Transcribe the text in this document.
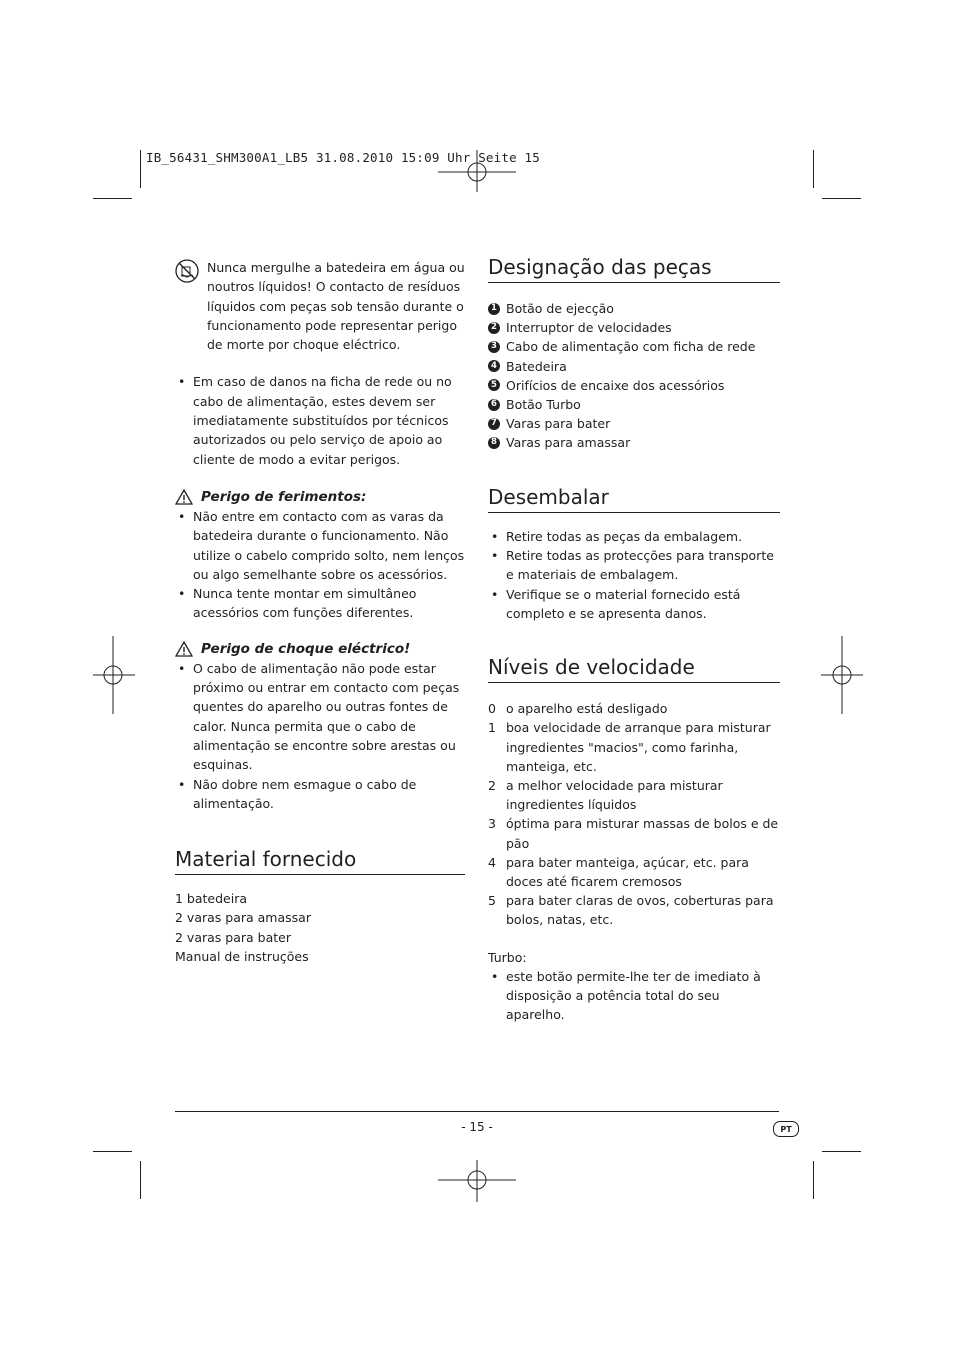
IB_56431_SHM300A1_LB5 31.08.2010 15:09 Uhr Seite 15

Nunca mergulhe a batedeira em água ou noutros líquidos! O contacto de resíduos líquidos com peças sob tensão durante o funcionamento pode representar perigo de morte por choque eléctrico.

• Em caso de danos na ficha de rede ou no cabo de alimentação, estes devem ser imediatamente substituídos por técnicos autorizados ou pelo serviço de apoio ao cliente de modo a evitar perigos.
Perigo de ferimentos:
• Não entre em contacto com as varas da batedeira durante o funcionamento. Não utilize o cabelo comprido solto, nem lenços ou algo semelhante sobre os acessórios.
• Nunca tente montar em simultâneo acessórios com funções diferentes.
Perigo de choque eléctrico!
• O cabo de alimentação não pode estar próximo ou entrar em contacto com peças quentes do aparelho ou outras fontes de calor. Nunca permita que o cabo de alimentação se encontre sobre arestas ou esquinas.
• Não dobre nem esmague o cabo de alimentação.
Material fornecido

1 batedeira

2 varas para amassar

2 varas para bater

Manual de instruções

Designação das peças
1 Botão de ejecção
2 Interruptor de velocidades
3 Cabo de alimentação com ficha de rede
4 Batedeira
5 Orifícios de encaixe dos acessórios
6 Botão Turbo
7 Varas para bater
8 Varas para amassar
Desembalar
• Retire todas as peças da embalagem.
• Retire todas as protecções para transporte e materiais de embalagem.
• Verifique se o material fornecido está completo e se apresenta danos.
Níveis de velocidade
0 o aparelho está desligado
1 boa velocidade de arranque para misturar ingredientes "macios", como farinha, manteiga, etc.
2 a melhor velocidade para misturar ingredientes líquidos
3 óptima para misturar massas de bolos e de pão
4 para bater manteiga, açúcar, etc. para doces até ficarem cremosos
5 para bater claras de ovos, coberturas para bolos, natas, etc.

Turbo:

• este botão permite-lhe ter de imediato à disposição a potência total do seu aparelho.
- 15 -	PT
